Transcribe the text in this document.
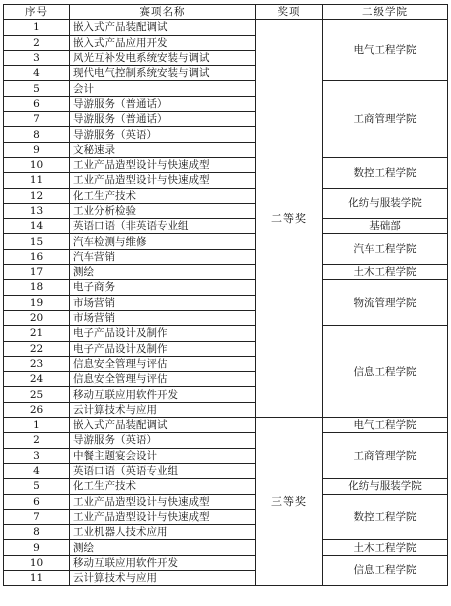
序号	赛项名称	奖项	二级学院
1	嵌入式产品装配调试	二等奖	电气工程学院
2	嵌入式产品应用开发		
3	风光互补发电系统安装与调试		
4	现代电气控制系统安装与调试		
5	会计		工商管理学院
6	导游服务（普通话）		
7	导游服务（普通话）		
8	导游服务（英语）		
9	文秘速录		
10	工业产品造型设计与快速成型		数控工程学院
11	工业产品造型设计与快速成型		
12	化工生产技术		化纺与服装学院
13	工业分析检验		
14	英语口语（非英语专业组		基础部
15	汽车检测与维修		汽车工程学院
16	汽车营销		
17	测绘		土木工程学院
18	电子商务		物流管理学院
19	市场营销		
20	市场营销		
21	电子产品设计及制作		信息工程学院
22	电子产品设计及制作		
23	信息安全管理与评估		
24	信息安全管理与评估		
25	移动互联应用软件开发		
26	云计算技术与应用		
1	嵌入式产品装配调试	三等奖	电气工程学院
2	导游服务（英语）		工商管理学院
3	中餐主题宴会设计		
4	英语口语（英语专业组		
5	化工生产技术		化纺与服装学院
6	工业产品造型设计与快速成型		数控工程学院
7	工业产品造型设计与快速成型		
8	工业机器人技术应用		
9	测绘		土木工程学院
10	移动互联应用软件开发		信息工程学院
11	云计算技术与应用		
